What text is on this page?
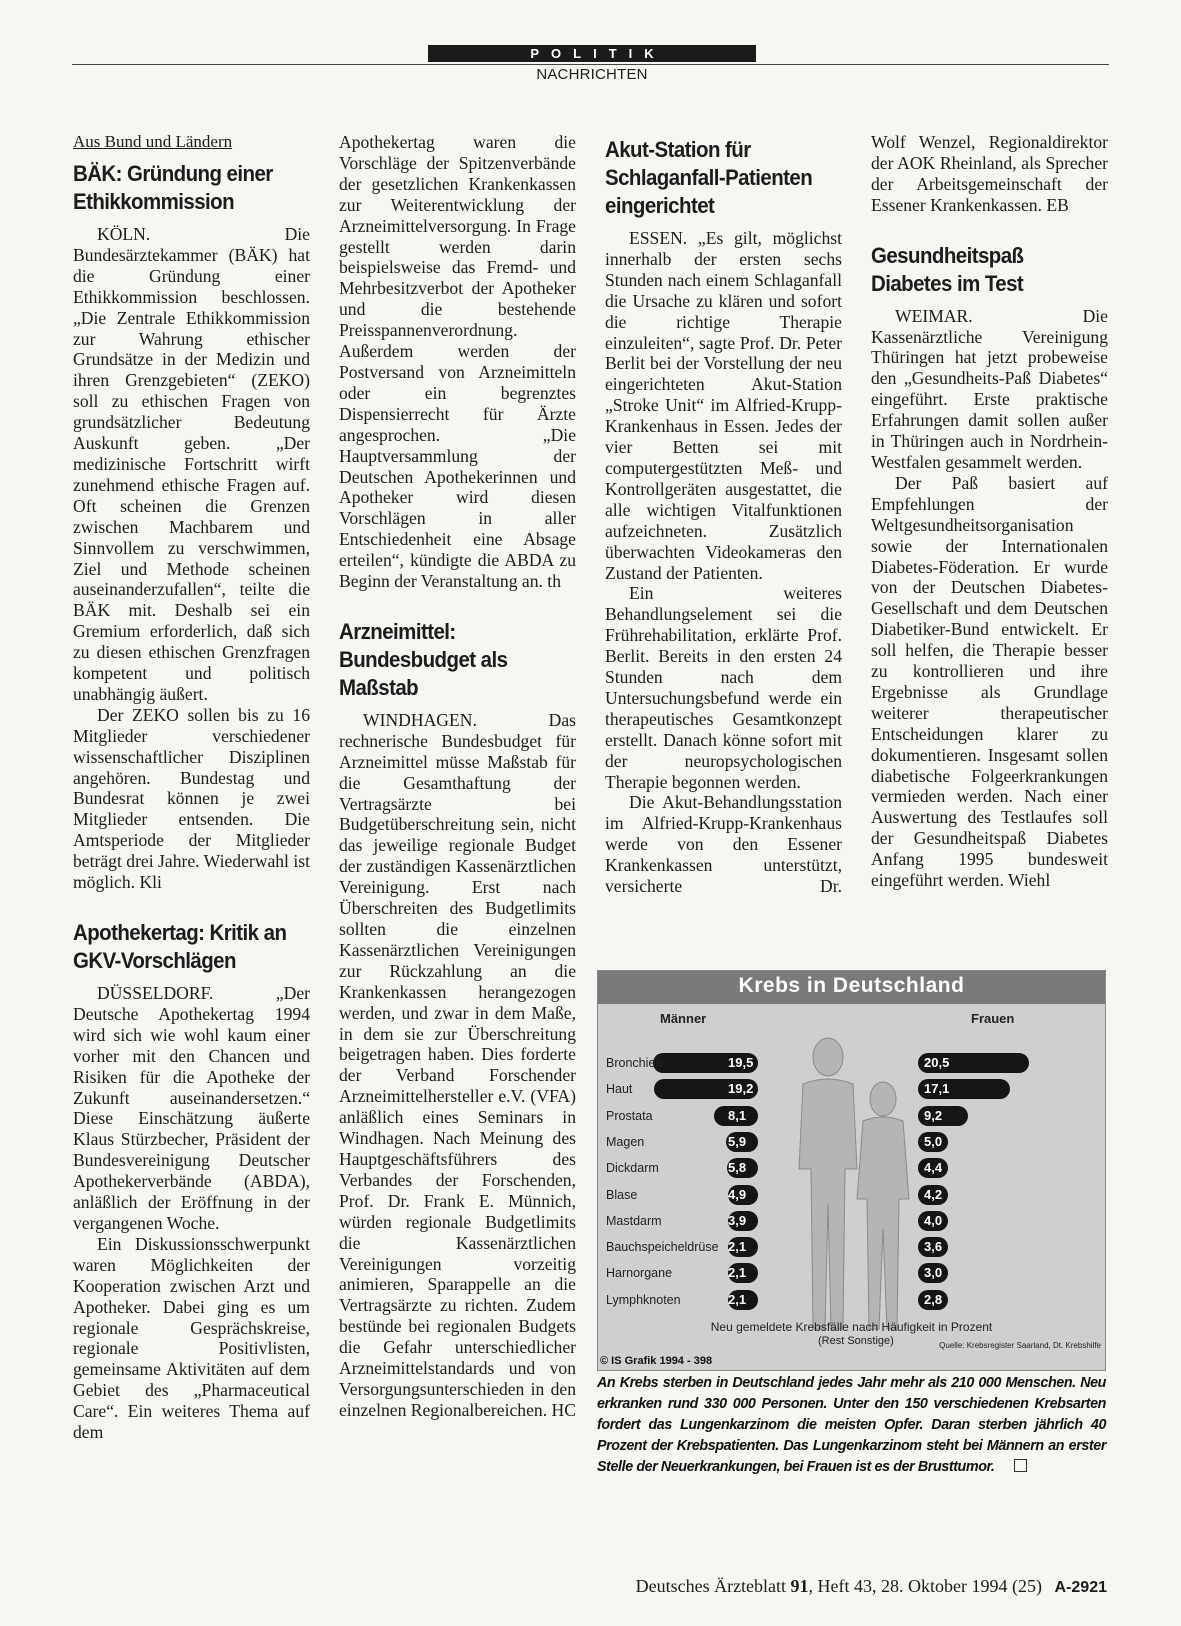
POLITIK
NACHRICHTEN
Aus Bund und Ländern
BÄK: Gründung einer Ethikkommission

KÖLN. Die Bundesärztekammer (BÄK) hat die Gründung einer Ethikkommission beschlossen. „Die Zentrale Ethikkommission zur Wahrung ethischer Grundsätze in der Medizin und ihren Grenzgebieten“ (ZEKO) soll zu ethischen Fragen von grundsätzlicher Bedeutung Auskunft geben. „Der medizinische Fortschritt wirft zunehmend ethische Fragen auf. Oft scheinen die Grenzen zwischen Machbarem und Sinnvollem zu verschwimmen, Ziel und Methode scheinen auseinanderzufallen“, teilte die BÄK mit. Deshalb sei ein Gremium erforderlich, daß sich zu diesen ethischen Grenzfragen kompetent und politisch unabhängig äußert.

Der ZEKO sollen bis zu 16 Mitglieder verschiedener wissenschaftlicher Disziplinen angehören. Bundestag und Bundesrat können je zwei Mitglieder entsenden. Die Amtsperiode der Mitglieder beträgt drei Jahre. Wiederwahl ist möglich. Kli

Apothekertag: Kritik an GKV-Vorschlägen

DÜSSELDORF. „Der Deutsche Apothekertag 1994 wird sich wie wohl kaum einer vorher mit den Chancen und Risiken für die Apotheke der Zukunft auseinandersetzen.“ Diese Einschätzung äußerte Klaus Stürzbecher, Präsident der Bundesvereinigung Deutscher Apothekerverbände (ABDA), anläßlich der Eröffnung in der vergangenen Woche.

Ein Diskussionsschwerpunkt waren Möglichkeiten der Kooperation zwischen Arzt und Apotheker. Dabei ging es um regionale Gesprächskreise, regionale Positivlisten, gemeinsame Aktivitäten auf dem Gebiet des „Pharmaceutical Care“. Ein weiteres Thema auf dem

Apothekertag waren die Vorschläge der Spitzenverbände der gesetzlichen Krankenkassen zur Weiterentwicklung der Arzneimittelversorgung. In Frage gestellt werden darin beispielsweise das Fremd- und Mehrbesitzverbot der Apotheker und die bestehende Preisspannenverordnung. Außerdem werden der Postversand von Arzneimitteln oder ein begrenztes Dispensierrecht für Ärzte angesprochen. „Die Hauptversammlung der Deutschen Apothekerinnen und Apotheker wird diesen Vorschlägen in aller Entschiedenheit eine Absage erteilen“, kündigte die ABDA zu Beginn der Veranstaltung an. th

Arzneimittel: Bundesbudget als Maßstab

WINDHAGEN. Das rechnerische Bundesbudget für Arzneimittel müsse Maßstab für die Gesamthaftung der Vertragsärzte bei Budgetüberschreitung sein, nicht das jeweilige regionale Budget der zuständigen Kassenärztlichen Vereinigung. Erst nach Überschreiten des Budgetlimits sollten die einzelnen Kassenärztlichen Vereinigungen zur Rückzahlung an die Krankenkassen herangezogen werden, und zwar in dem Maße, in dem sie zur Überschreitung beigetragen haben. Dies forderte der Verband Forschender Arzneimittelhersteller e.V. (VFA) anläßlich eines Seminars in Windhagen. Nach Meinung des Hauptgeschäftsführers des Verbandes der Forschenden, Prof. Dr. Frank E. Münnich, würden regionale Budgetlimits die Kassenärztlichen Vereinigungen vorzeitig animieren, Sparappelle an die Vertragsärzte zu richten. Zudem bestünde bei regionalen Budgets die Gefahr unterschiedlicher Arzneimittelstandards und von Versorgungsunterschieden in den einzelnen Regionalbereichen. HC

Akut-Station für Schlaganfall-Patienten eingerichtet

ESSEN. „Es gilt, möglichst innerhalb der ersten sechs Stunden nach einem Schlaganfall die Ursache zu klären und sofort die richtige Therapie einzuleiten“, sagte Prof. Dr. Peter Berlit bei der Vorstellung der neu eingerichteten Akut-Station „Stroke Unit“ im Alfried-Krupp-Krankenhaus in Essen. Jedes der vier Betten sei mit computergestützten Meß- und Kontrollgeräten ausgestattet, die alle wichtigen Vitalfunktionen aufzeichneten. Zusätzlich überwachten Videokameras den Zustand der Patienten.

Ein weiteres Behandlungselement sei die Frührehabilitation, erklärte Prof. Berlit. Bereits in den ersten 24 Stunden nach dem Untersuchungsbefund werde ein therapeutisches Gesamtkonzept erstellt. Danach könne sofort mit der neuropsychologischen Therapie begonnen werden.

Die Akut-Behandlungsstation im Alfried-Krupp-Krankenhaus werde von den Essener Krankenkassen unterstützt, versicherte Dr.

Wolf Wenzel, Regionaldirektor der AOK Rheinland, als Sprecher der Arbeitsgemeinschaft der Essener Krankenkassen. EB

Gesundheitspaß Diabetes im Test

WEIMAR. Die Kassenärztliche Vereinigung Thüringen hat jetzt probeweise den „Gesundheits-Paß Diabetes“ eingeführt. Erste praktische Erfahrungen damit sollen außer in Thüringen auch in Nordrhein-Westfalen gesammelt werden.

Der Paß basiert auf Empfehlungen der Weltgesundheitsorganisation sowie der Internationalen Diabetes-Föderation. Er wurde von der Deutschen Diabetes-Gesellschaft und dem Deutschen Diabetiker-Bund entwickelt. Er soll helfen, die Therapie besser zu kontrollieren und ihre Ergebnisse als Grundlage weiterer therapeutischer Entscheidungen klarer zu dokumentieren. Insgesamt sollen diabetische Folgeerkrankungen vermieden werden. Nach einer Auswertung des Testlaufes soll der Gesundheitspaß Diabetes Anfang 1995 bundesweit eingeführt werden. Wiehl

Krebs in Deutschland
Männer	Frauen
19,5
Bronchien
19,2
Haut
8,1
Prostata
5,9
Magen
5,8
Dickdarm
4,9
Blase
3,9
Mastdarm
2,1
Bauchspeicheldrüse
2,1
Harnorgane
2,1
Lymphknoten
20,5
17,1
9,2
5,0
4,4
4,2
4,0
3,6
3,0
2,8
Neu gemeldete Krebsfälle nach Häufigkeit in Prozent
(Rest Sonstige)	Quelle: Krebsregister Saarland, Dt. Krebshilfe
© IS Grafik 1994 - 398
An Krebs sterben in Deutschland jedes Jahr mehr als 210 000 Menschen. Neu erkranken rund 330 000 Personen. Unter den 150 verschiedenen Krebsarten fordert das Lungenkarzinom die meisten Opfer. Daran sterben jährlich 40 Prozent der Krebspatienten. Das Lungenkarzinom steht bei Männern an erster Stelle der Neuerkrankungen, bei Frauen ist es der Brusttumor.
Deutsches Ärzteblatt 91, Heft 43, 28. Oktober 1994 (25) A-2921
